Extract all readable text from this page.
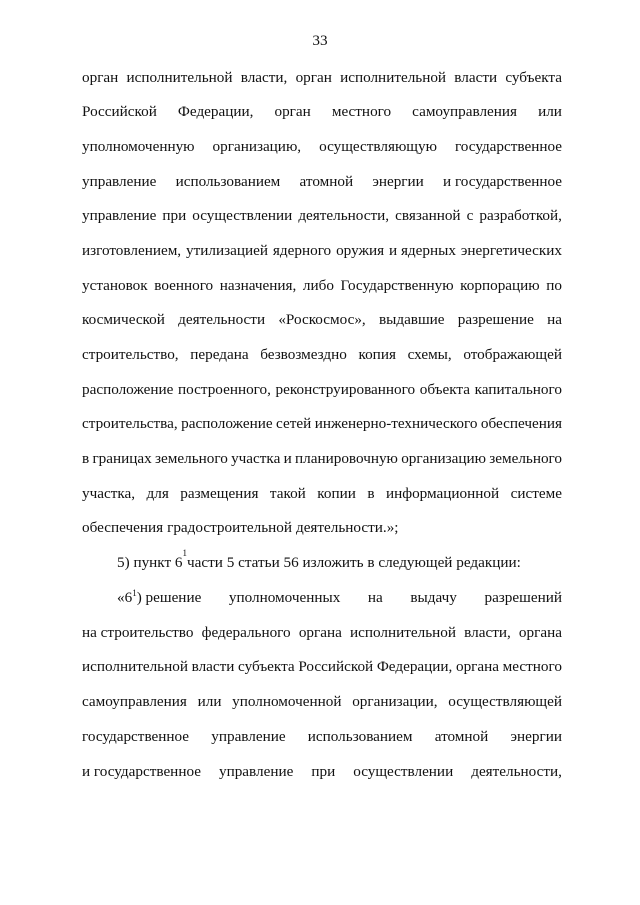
33
орган исполнительной власти, орган исполнительной власти субъекта
Российской Федерации, орган местного самоуправления или
уполномоченную организацию, осуществляющую государственное
управление использованием атомной энергии и государственное
управление при осуществлении деятельности, связанной с разработкой,
изготовлением, утилизацией ядерного оружия и ядерных энергетических
установок военного назначения, либо Государственную корпорацию по
космической деятельности «Роскосмос», выдавшие разрешение на
строительство, передана безвозмездно копия схемы, отображающей
расположение построенного, реконструированного объекта капитального
строительства, расположение сетей инженерно-технического обеспечения
в границах земельного участка и планировочную организацию земельного
участка, для размещения такой копии в информационной системе
обеспечения градостроительной деятельности.»;
5) пункт 6
1
части 5 статьи 56 изложить в следующей редакции:
«$6^1$) решение уполномоченных на выдачу разрешений
на строительство федерального органа исполнительной власти, органа
исполнительной власти субъекта Российской Федерации, органа местного
самоуправления или уполномоченной организации, осуществляющей
государственное управление использованием атомной энергии
и государственное управление при осуществлении деятельности,
